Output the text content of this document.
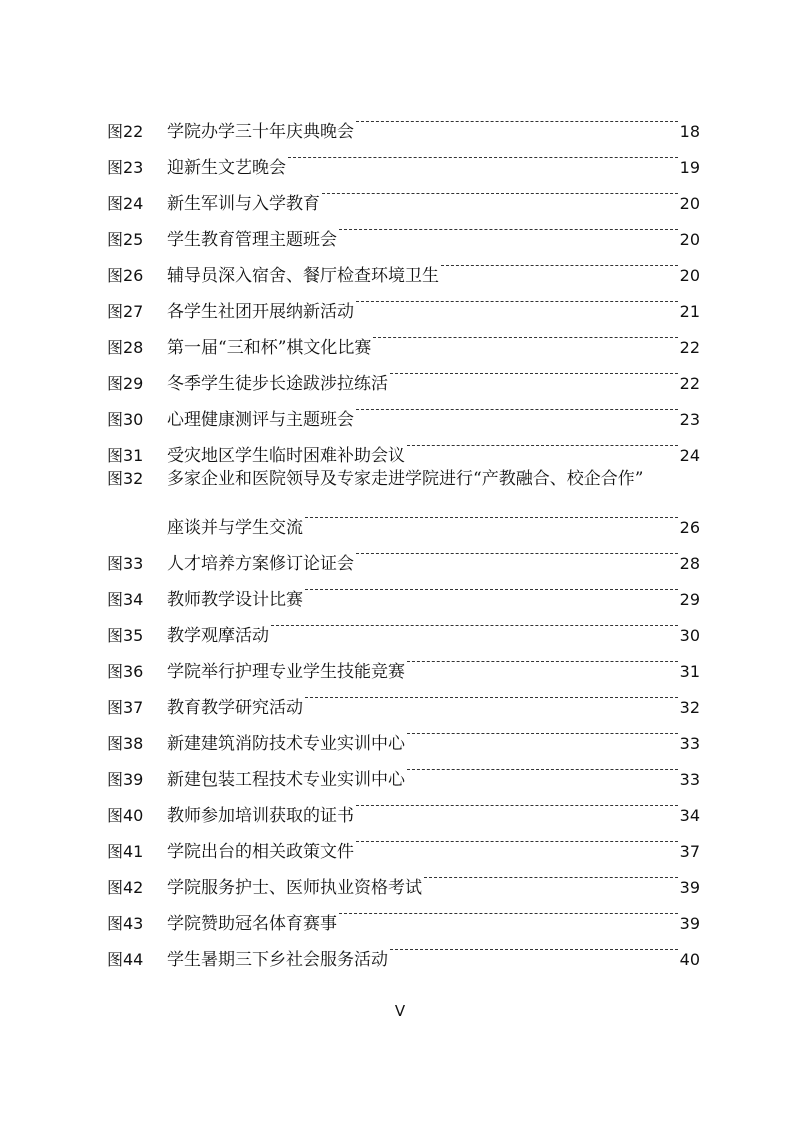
图22	学院办学三十年庆典晚会	18
图23	迎新生文艺晚会	19
图24	新生军训与入学教育	20
图25	学生教育管理主题班会	20
图26	辅导员深入宿舍、餐厅检查环境卫生	20
图27	各学生社团开展纳新活动	21
图28	第一届“三和杯”棋文化比赛	22
图29	冬季学生徒步长途跋涉拉练活	22
图30	心理健康测评与主题班会	23
图31	受灾地区学生临时困难补助会议	24
图32	多家企业和医院领导及专家走进学院进行“产教融合、校企合作”
座谈并与学生交流	26
图33	人才培养方案修订论证会	28
图34	教师教学设计比赛	29
图35	教学观摩活动	30
图36	学院举行护理专业学生技能竞赛	31
图37	教育教学研究活动	32
图38	新建建筑消防技术专业实训中心	33
图39	新建包装工程技术专业实训中心	33
图40	教师参加培训获取的证书	34
图41	学院出台的相关政策文件	37
图42	学院服务护士、医师执业资格考试	39
图43	学院赞助冠名体育赛事	39
图44	学生暑期三下乡社会服务活动	40
V
